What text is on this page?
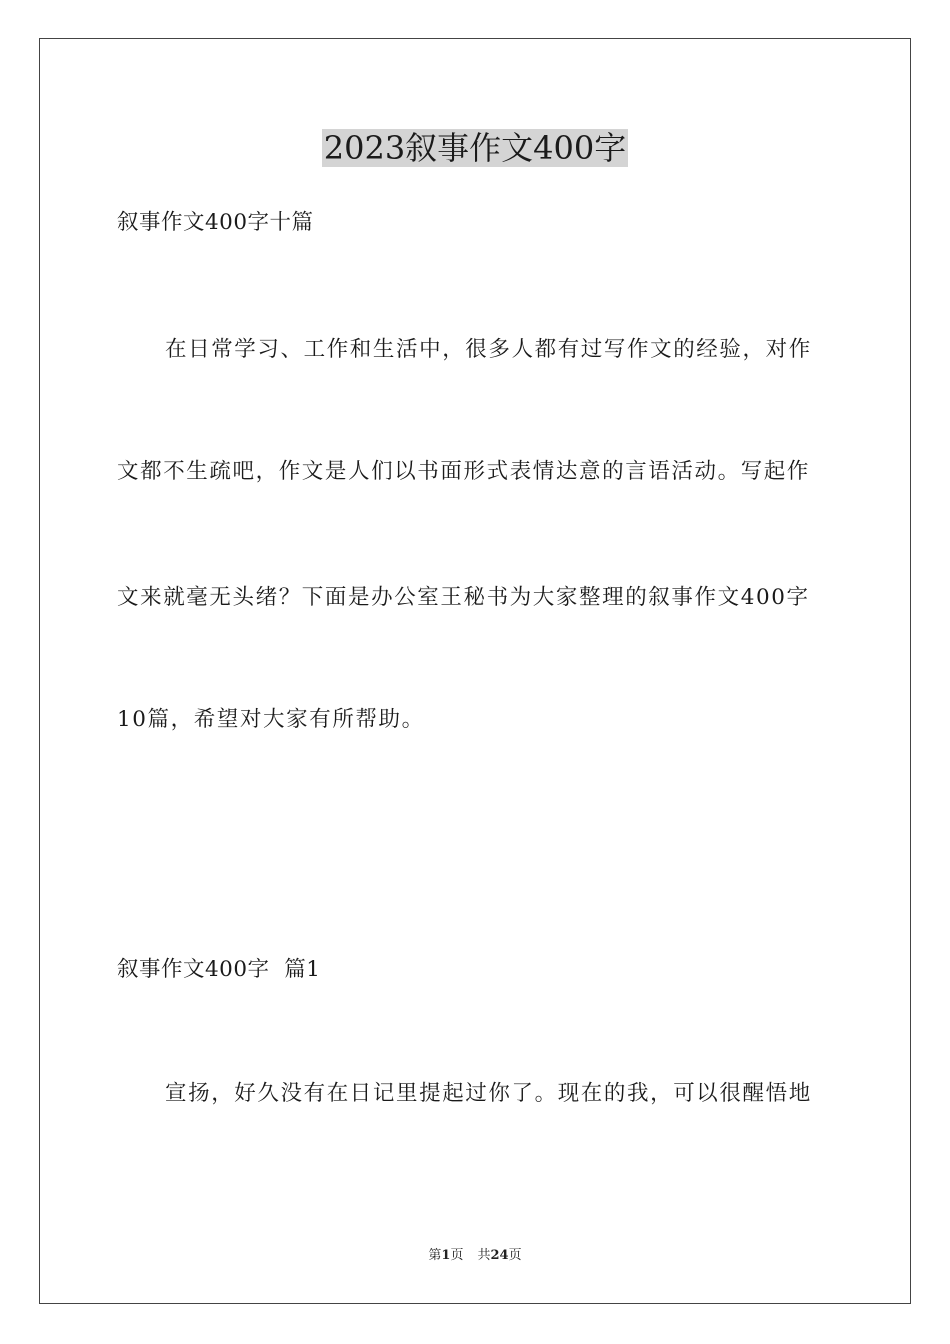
2023叙事作文400字
叙事作文400字十篇
在日常学习、工作和生活中，很多人都有过写作文的经验，对作
文都不生疏吧，作文是人们以书面形式表情达意的言语活动。写起作
文来就毫无头绪？下面是办公室王秘书为大家整理的叙事作文400字
10篇，希望对大家有所帮助。
叙事作文400字  篇1
宣扬，好久没有在日记里提起过你了。现在的我，可以很醒悟地
第1页 共24页
